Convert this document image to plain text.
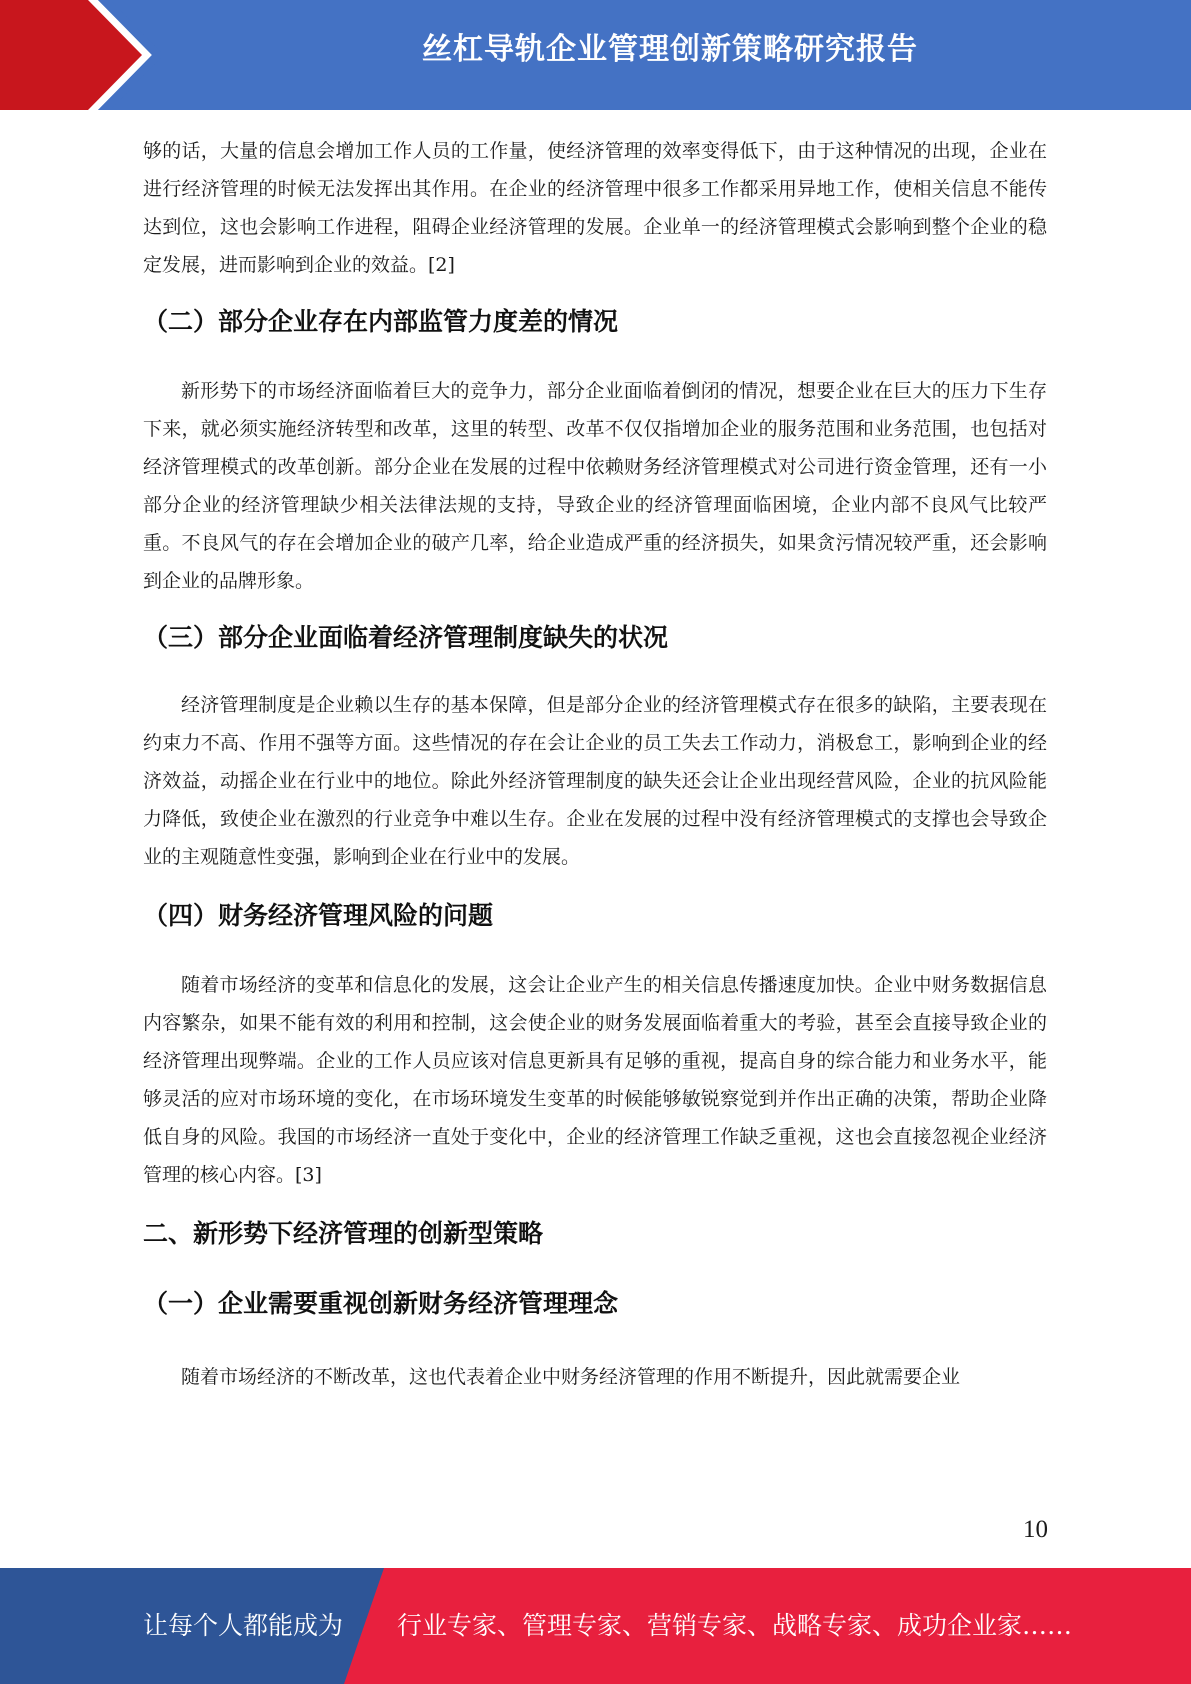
丝杠导轨企业管理创新策略研究报告

够的话，大量的信息会增加工作人员的工作量，使经济管理的效率变得低下，由于这种情况的出现，企业在进行经济管理的时候无法发挥出其作用。在企业的经济管理中很多工作都采用异地工作，使相关信息不能传达到位，这也会影响工作进程，阻碍企业经济管理的发展。企业单一的经济管理模式会影响到整个企业的稳定发展，进而影响到企业的效益。[2]

（二）部分企业存在内部监管力度差的情况

新形势下的市场经济面临着巨大的竞争力，部分企业面临着倒闭的情况，想要企业在巨大的压力下生存下来，就必须实施经济转型和改革，这里的转型、改革不仅仅指增加企业的服务范围和业务范围，也包括对经济管理模式的改革创新。部分企业在发展的过程中依赖财务经济管理模式对公司进行资金管理，还有一小部分企业的经济管理缺少相关法律法规的支持，导致企业的经济管理面临困境，企业内部不良风气比较严重。不良风气的存在会增加企业的破产几率，给企业造成严重的经济损失，如果贪污情况较严重，还会影响到企业的品牌形象。

（三）部分企业面临着经济管理制度缺失的状况

经济管理制度是企业赖以生存的基本保障，但是部分企业的经济管理模式存在很多的缺陷，主要表现在约束力不高、作用不强等方面。这些情况的存在会让企业的员工失去工作动力，消极怠工，影响到企业的经济效益，动摇企业在行业中的地位。除此外经济管理制度的缺失还会让企业出现经营风险，企业的抗风险能力降低，致使企业在激烈的行业竞争中难以生存。企业在发展的过程中没有经济管理模式的支撑也会导致企业的主观随意性变强，影响到企业在行业中的发展。

（四）财务经济管理风险的问题

随着市场经济的变革和信息化的发展，这会让企业产生的相关信息传播速度加快。企业中财务数据信息内容繁杂，如果不能有效的利用和控制，这会使企业的财务发展面临着重大的考验，甚至会直接导致企业的经济管理出现弊端。企业的工作人员应该对信息更新具有足够的重视，提高自身的综合能力和业务水平，能够灵活的应对市场环境的变化，在市场环境发生变革的时候能够敏锐察觉到并作出正确的决策，帮助企业降低自身的风险。我国的市场经济一直处于变化中，企业的经济管理工作缺乏重视，这也会直接忽视企业经济管理的核心内容。[3]

二、新形势下经济管理的创新型策略
（一）企业需要重视创新财务经济管理理念

随着市场经济的不断改革，这也代表着企业中财务经济管理的作用不断提升，因此就需要企业

10
让每个人都能成为 行业专家、管理专家、营销专家、战略专家、成功企业家……
